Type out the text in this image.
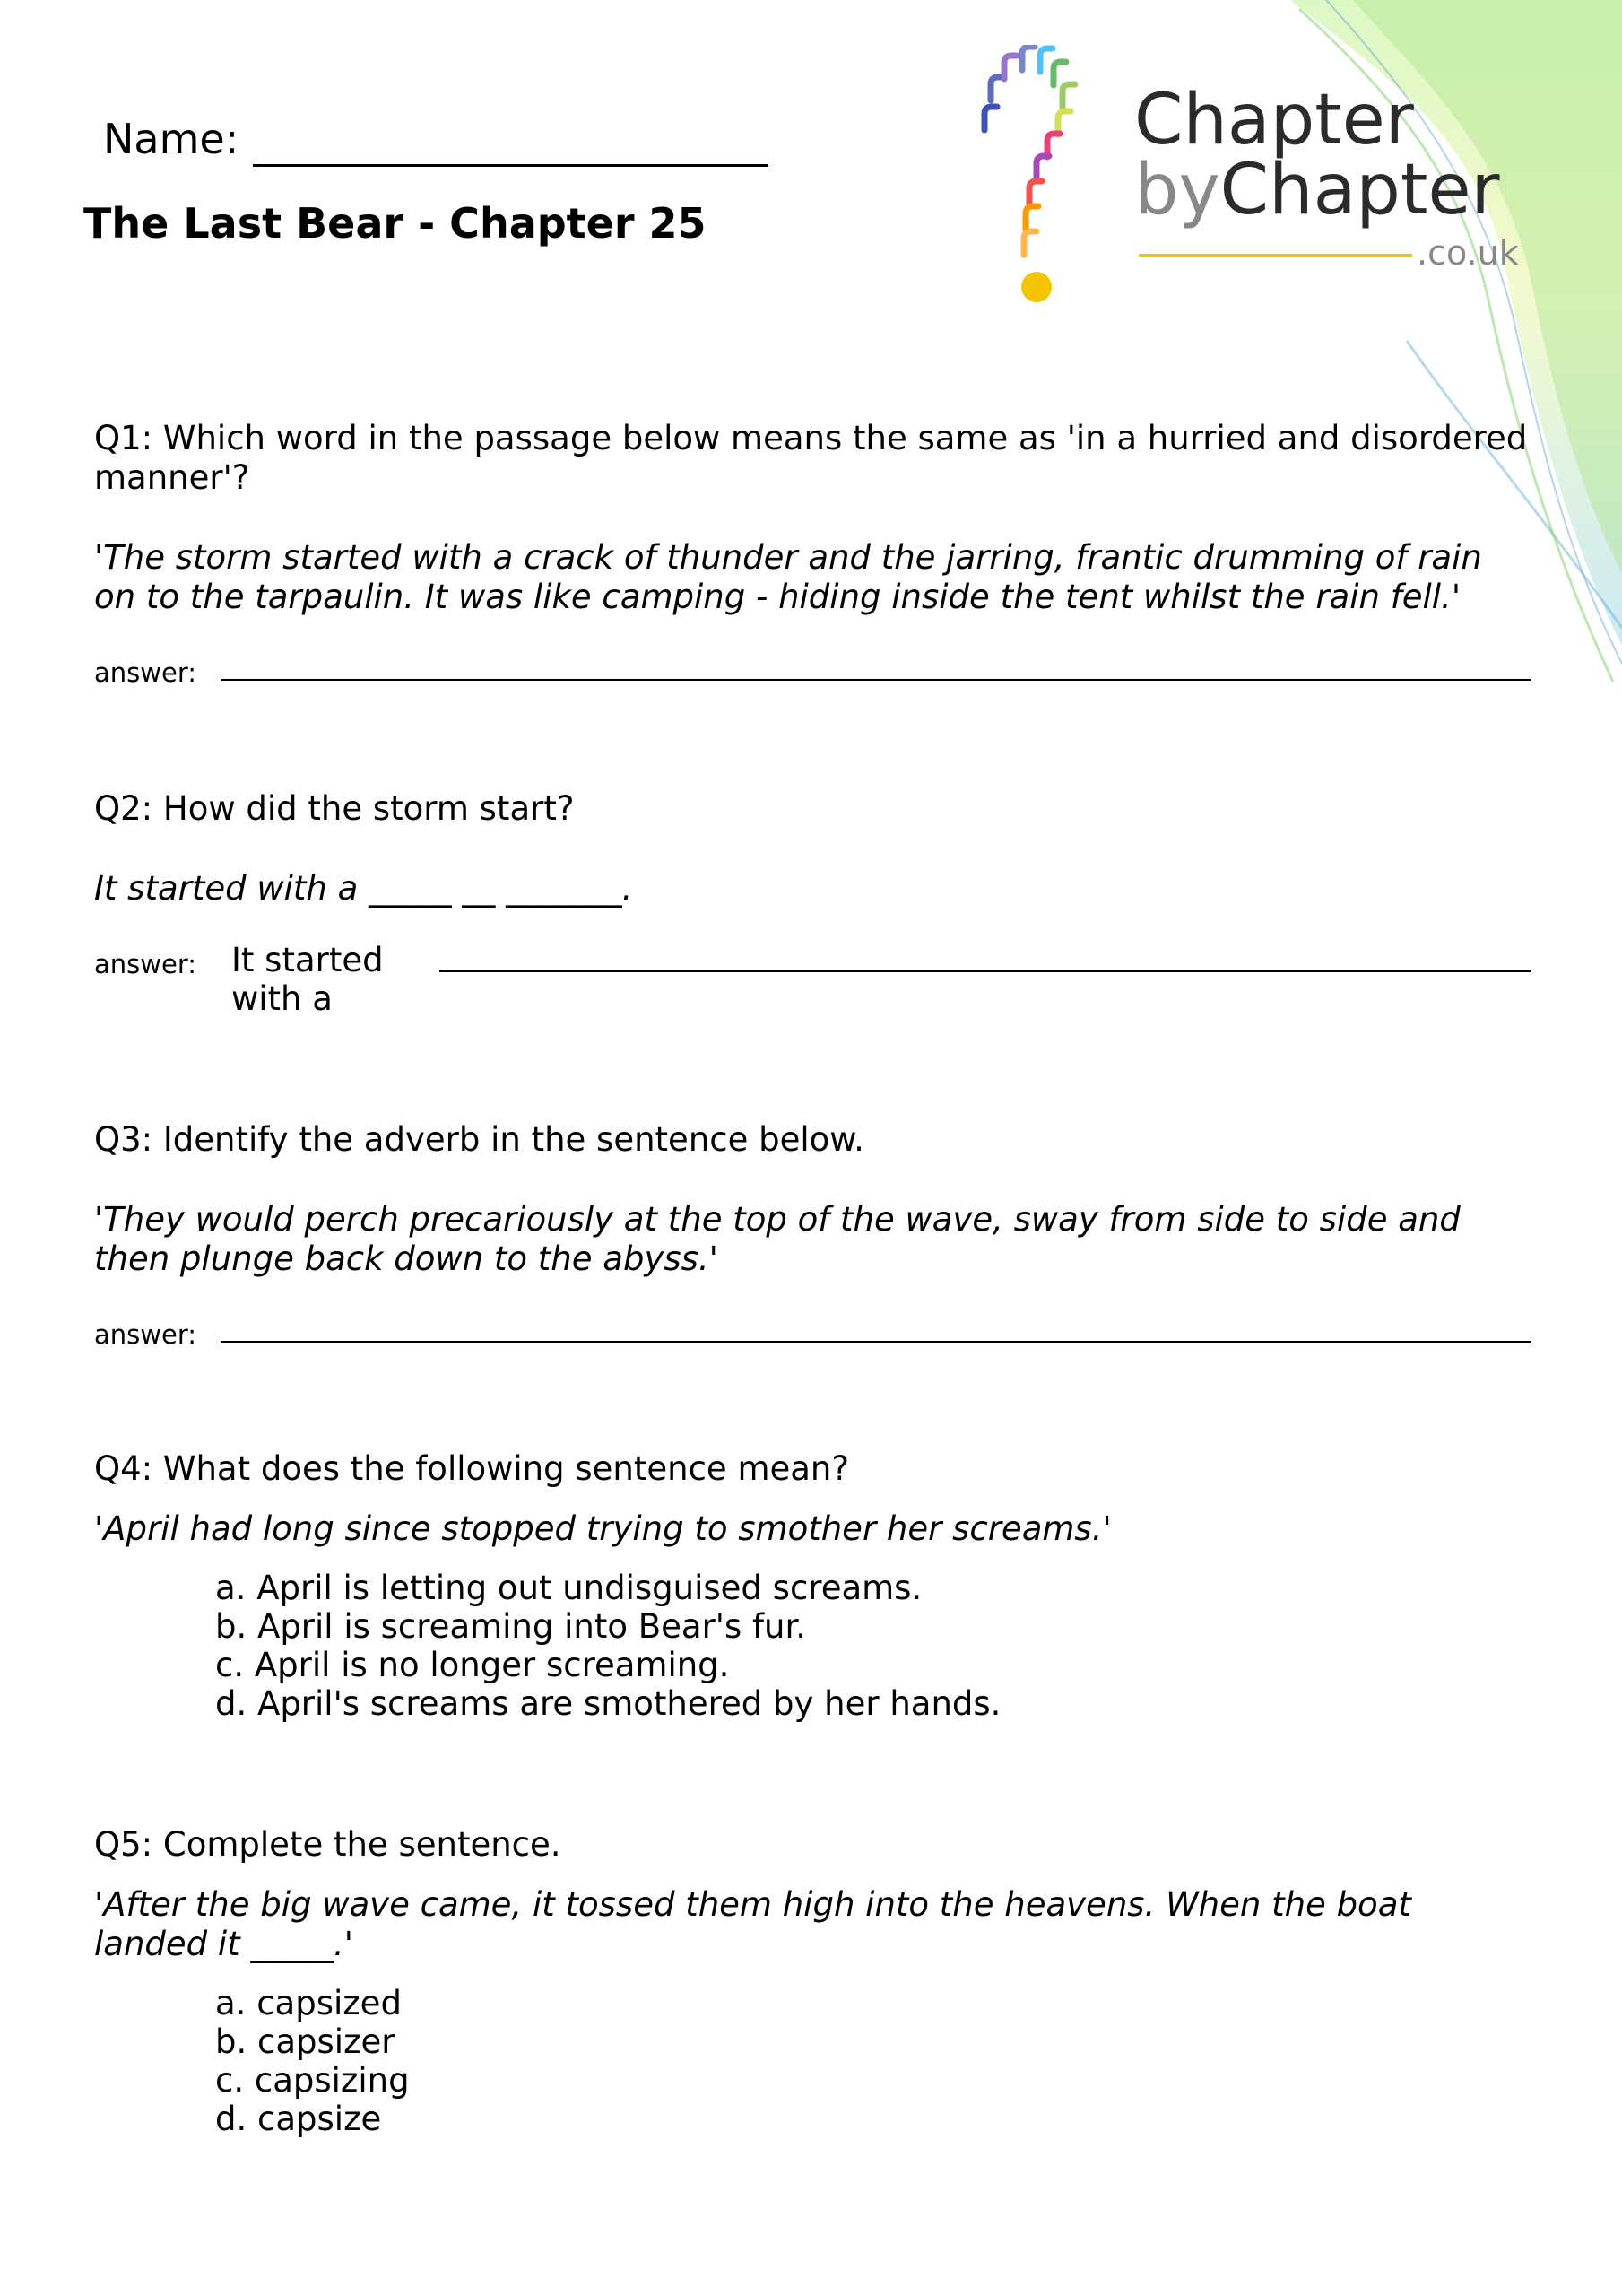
Name:
The Last Bear - Chapter 25
Chapter
byChapter
.co.uk
Q1: Which word in the passage below means the same as 'in a hurried and disordered manner'?
'The storm started with a crack of thunder and the jarring, frantic drumming of rain on to the tarpaulin. It was like camping - hiding inside the tent whilst the rain fell.'
answer:
Q2: How did the storm start?
It started with a _____ __ _______.
answer: It started with a
Q3: Identify the adverb in the sentence below.
'They would perch precariously at the top of the wave, sway from side to side and then plunge back down to the abyss.'
answer:
Q4: What does the following sentence mean?
'April had long since stopped trying to smother her screams.'
a. April is letting out undisguised screams.
b. April is screaming into Bear's fur.
c. April is no longer screaming.
d. April's screams are smothered by her hands.
Q5: Complete the sentence.
'After the big wave came, it tossed them high into the heavens. When the boat landed it _____.'
a. capsized
b. capsizer
c. capsizing
d. capsize
